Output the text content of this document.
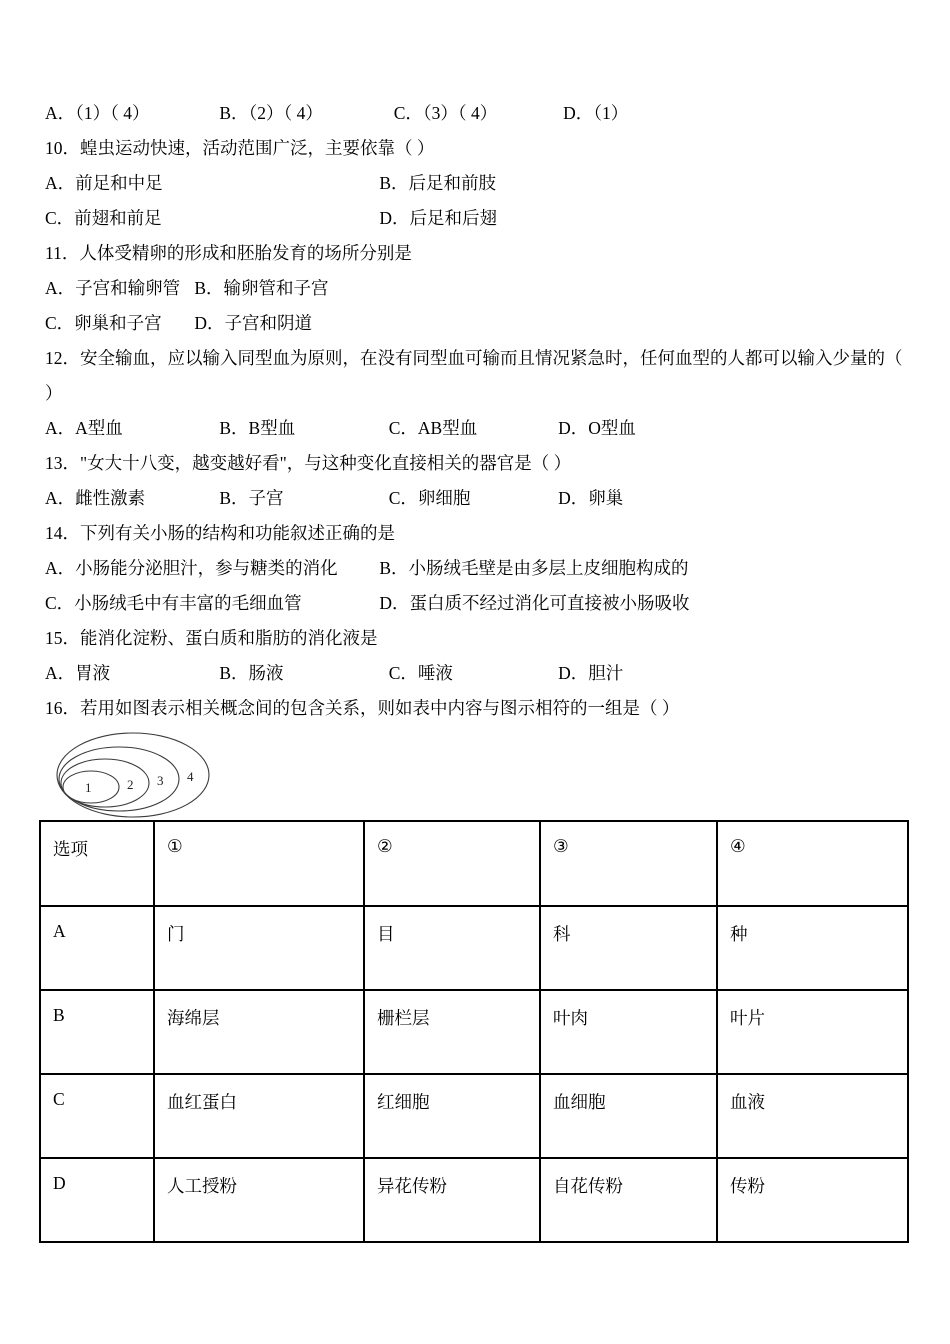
A．（1）（ 4）	B．（2）（ 4）	C．（3）（ 4）	D．（1）
10．蝗虫运动快速，活动范围广泛，主要依靠（ ）
A．前足和中足	B．后足和前肢
C．前翅和前足	D．后足和后翅
11．人体受精卵的形成和胚胎发育的场所分别是
A．子宫和输卵管 B．输卵管和子宫
C．卵巢和子宫 D．子宫和阴道
12．安全输血，应以输入同型血为原则，在没有同型血可输而且情况紧急时，任何血型的人都可以输入少量的（
）
A．A型血	B．B型血	C．AB型血	D．O型血
13．"女大十八变，越变越好看"，与这种变化直接相关的器官是（ ）
A．雌性激素	B．子宫	C．卵细胞	D．卵巢
14．下列有关小肠的结构和功能叙述正确的是
A．小肠能分泌胆汁，参与糖类的消化 B．小肠绒毛壁是由多层上皮细胞构成的
C．小肠绒毛中有丰富的毛细血管	D．蛋白质不经过消化可直接被小肠吸收
15．能消化淀粉、蛋白质和脂肪的消化液是
A．胃液	B．肠液	C．唾液	D．胆汁
16．若用如图表示相关概念间的包含关系，则如表中内容与图示相符的一组是（ ）
1	2 3 4
选项	①	②	③	④
A	门	目	科	种
B	海绵层	栅栏层	叶肉	叶片
C	血红蛋白	红细胞	血细胞	血液
D	人工授粉	异花传粉	自花传粉	传粉
